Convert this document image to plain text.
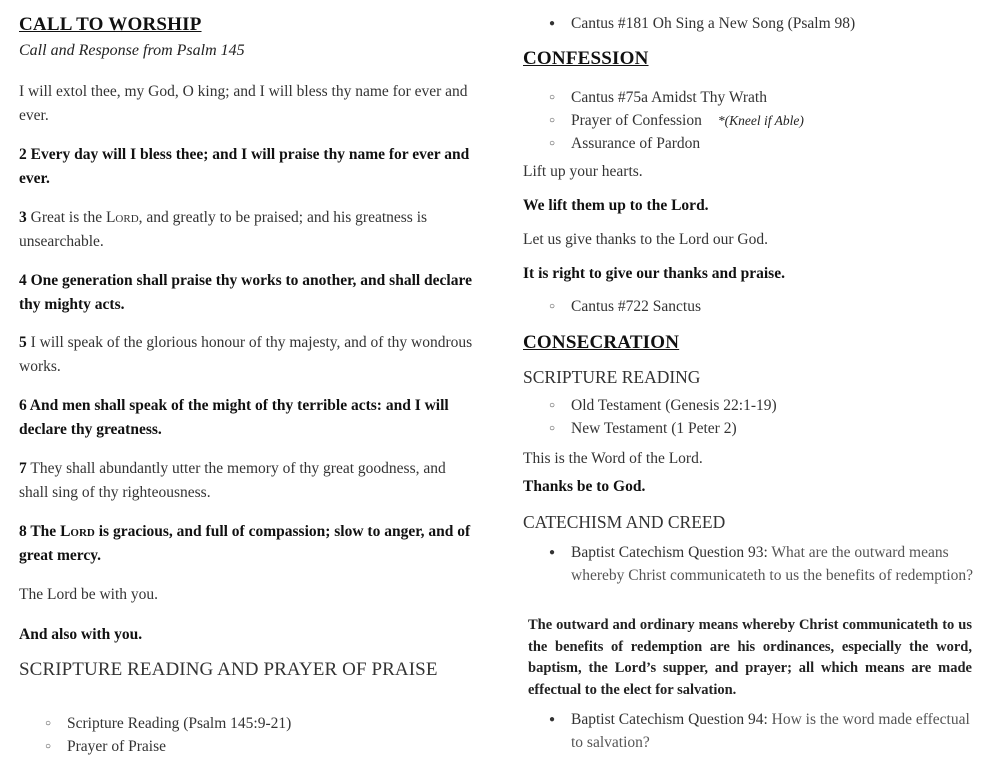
CALL TO WORSHIP
Call and Response from Psalm 145

I will extol thee, my God, O king; and I will bless thy name for ever and ever.

2 Every day will I bless thee; and I will praise thy name for ever and ever.

3 Great is the Lord, and greatly to be praised; and his greatness is unsearchable.

4 One generation shall praise thy works to another, and shall declare thy mighty acts.

5 I will speak of the glorious honour of thy majesty, and of thy wondrous works.

6 And men shall speak of the might of thy terrible acts: and I will declare thy greatness.

7 They shall abundantly utter the memory of thy great goodness, and shall sing of thy righteousness.

8 The Lord is gracious, and full of compassion; slow to anger, and of great mercy.

The Lord be with you.

And also with you.

SCRIPTURE READING AND PRAYER OF PRAISE
○ Scripture Reading (Psalm 145:9-21)
○ Prayer of Praise
● Cantus #181 Oh Sing a New Song (Psalm 98)
CONFESSION
○ Cantus #75a Amidst Thy Wrath
○ Prayer of Confession *(Kneel if Able)
○ Assurance of Pardon

Lift up your hearts.

We lift them up to the Lord.

Let us give thanks to the Lord our God.

It is right to give our thanks and praise.

○ Cantus #722 Sanctus
CONSECRATION
SCRIPTURE READING
○ Old Testament (Genesis 22:1-19)
○ New Testament (1 Peter 2)

This is the Word of the Lord.

Thanks be to God.

CATECHISM AND CREED
● Baptist Catechism Question 93: What are the outward means whereby Christ communicateth to us the benefits of redemption?

The outward and ordinary means whereby Christ communicateth to us the benefits of redemption are his ordinances, especially the word, baptism, the Lord’s supper, and prayer; all which means are made effectual to the elect for salvation.

● Baptist Catechism Question 94: How is the word made effectual to salvation?
